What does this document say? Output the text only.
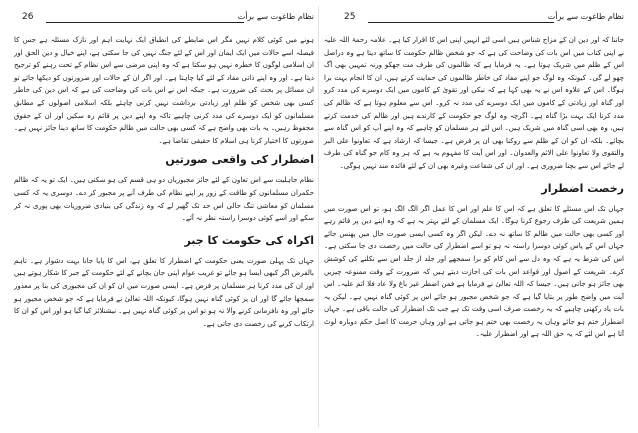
26	نظام طاغوت سے برأت

ہونے میں کوئی کلام نہیں مگر اس ضابطے کی انطباق ایک نہایت اہم اور نازک مسئلہ ہے جس کا فیصلہ اسے حالات میں ایک ایمان اور اس کے لئے جنگ نہیں کی جا سکتی ہے، اپنے خیال و دین الحق اور ان اسلامی لوگوں کا خطرہ نہیں ہو سکتا ہے کہ وہ اپنی مرضی سے اس نظام کے تحت رہنے کو ترجیح دیتا ہے۔ اور وہ اپنے ذاتی مفاد کے لئے کیا چاہتا ہے۔ اور اگر ان کے حالات اور ضرورتوں کو دیکھا جائے تو ان مسائل پر بحث کی ضرورت ہے۔ جبکہ اس نے اس بات کی وضاحت کی ہے کہ اس دین کی خاطر کسی بھی شخص کو ظلم اور زیادتی برداشت نہیں کرنی چاہئے بلکہ اسلامی اصولوں کے مطابق مسلمانوں کو ایک دوسرے کی مدد کرنی چاہیے تاکہ وہ اپنے دین پر قائم رہ سکیں اور ان کے حقوق محفوظ رہیں۔ یہ بات بھی واضح ہے کہ کسی بھی حالت میں ظالم حکومت کا ساتھ دینا جائز نہیں ہے۔ صورتوں کا اختیار کرنا ہی اسلام کا حقیقی تقاضا ہے۔

اضطرار کی واقعی صورتیں

نظام جاہلیت سے اس تعاون کے لئے جائز مجبوریاں دو ہی قسم کی ہو سکتی ہیں۔ ایک تو یہ کہ ظالم حکمران مسلمانوں کو طاقت کے زور پر اپنے نظام کی طرف آنے پر مجبور کر دے۔ دوسری یہ کہ کسی مسلمان کو معاشی تنگ حالی اس حد تک گھیر لے کہ وہ زندگی کی بنیادی ضروریات بھی پوری نہ کر سکے اور اسے کوئی دوسرا راستہ نظر نہ آئے۔

اکراہ کی حکومت کا جبر

جہاں تک پہلی صورت یعنی حکومت کے اضطرار کا تعلق ہے، اس کا پایا جانا بہت دشوار ہے۔ تاہم بالفرض اگر کبھی ایسا ہو جائے تو غریب عوام اپنی جان بچانے کے لئے حکومت کے جبر کا شکار ہوتے ہیں اور ان کی مدد کرنا ہر مسلمان پر فرض ہے۔ ایسی صورت میں ان کو ان کی مجبوری کی بنا پر معذور سمجھا جائے گا اور ان پر کوئی گناہ نہیں ہوگا، کیونکہ اللہ تعالیٰ نے فرمایا ہے کہ جو شخص مجبور ہو جائے اور وہ نافرمانی کرنے والا نہ ہو تو اس پر کوئی گناہ نہیں ہے۔ نیشنلائز کیا گیا ہو اور اس کو ان کا ارتکاب کرنے کی رخصت دی جاتی ہے۔

25	نظام طاغوت سے برأت

جاننا کہ اور دین ان کے مزاج شناس ہیں اسی لئے انہیں اپنی اس کا اقرار کیا ہے۔ علامہ رحمۃ اللہ علیہ نے اپنی کتاب میں اس بات کی وضاحت کی ہے کہ جو شخص ظالم حکومت کا ساتھ دیتا ہے وہ دراصل اس کے ظلم میں شریک ہوتا ہے۔ یہ فرمایا ہے کہ ظالموں کی طرف مت جھکو ورنہ تمہیں بھی آگ چھو لے گی۔ کیونکہ وہ لوگ جو اپنے مفاد کی خاطر ظالموں کی حمایت کرتے ہیں، ان کا انجام بہت برا ہوگا۔ اس کے علاوہ اس نے یہ بھی کہا ہے کہ نیکی اور تقویٰ کے کاموں میں ایک دوسرے کی مدد کرو اور گناہ اور زیادتی کے کاموں میں ایک دوسرے کی مدد نہ کرو۔ اس سے معلوم ہوتا ہے کہ ظالم کی مدد کرنا ایک بہت بڑا گناہ ہے۔ اگرچہ وہ لوگ جو حکومت کے کارندے ہیں اور ظالم کی خدمت کرتے ہیں، وہ بھی اسی گناہ میں شریک ہیں۔ اس لئے ہر مسلمان کو چاہیے کہ وہ اپنے آپ کو اس گناہ سے بچائے۔ بلکہ ان کو ان کے ظلم سے روکنا بھی ان پر فرض ہے۔ جیسا کہ ارشاد ہے کہ تعاونوا علی البر والتقوی ولا تعاونوا علی الاثم والعدوان۔ اور اس آیت کا مفہوم یہ ہے کہ ہر وہ کام جو گناہ کی طرف لے جائے اس سے بچنا ضروری ہے۔ اور ان کی شفاعت وغیرہ بھی ان کے لئے فائدہ مند نہیں ہوگی۔

رخصت اضطرار

جہاں تک اس مسئلے کا تعلق ہے کہ اس کا علم اور اس کا عمل اگر الگ الگ ہو، تو اس صورت میں ہمیں شریعت کی طرف رجوع کرنا ہوگا۔ ایک مسلمان کے لئے بہتر یہ ہے کہ وہ اپنے دین پر قائم رہے اور کسی بھی حالت میں ظالم کا ساتھ نہ دے۔ لیکن اگر وہ کسی ایسی صورت حال میں پھنس جائے جہاں اس کے پاس کوئی دوسرا راستہ نہ ہو تو اسے اضطرار کی حالت میں رخصت دی جا سکتی ہے۔ اس کی شرط یہ ہے کہ وہ دل سے اس کام کو برا سمجھے اور جلد از جلد اس سے نکلنے کی کوشش کرے۔ شریعت کے اصول اور قواعد اس بات کی اجازت دیتے ہیں کہ ضرورت کے وقت ممنوعہ چیزیں بھی جائز ہو جاتی ہیں۔ جیسا کہ اللہ تعالیٰ نے فرمایا ہے فمن اضطر غیر باغ ولا عاد فلا اثم علیہ۔ اس آیت میں واضح طور پر بتایا گیا ہے کہ جو شخص مجبور ہو جائے اس پر کوئی گناہ نہیں ہے۔ لیکن یہ بات یاد رکھنی چاہیے کہ یہ رخصت صرف اسی وقت تک ہے جب تک اضطرار کی حالت باقی ہے۔ جہاں اضطرار ختم ہو جائے وہاں یہ رخصت بھی ختم ہو جاتی ہے اور وہاں حرمت کا اصل حکم دوبارہ لوٹ آتا ہے اس لئے کہ یہ حق اللہ ہے اور اضطرار علیہ۔
